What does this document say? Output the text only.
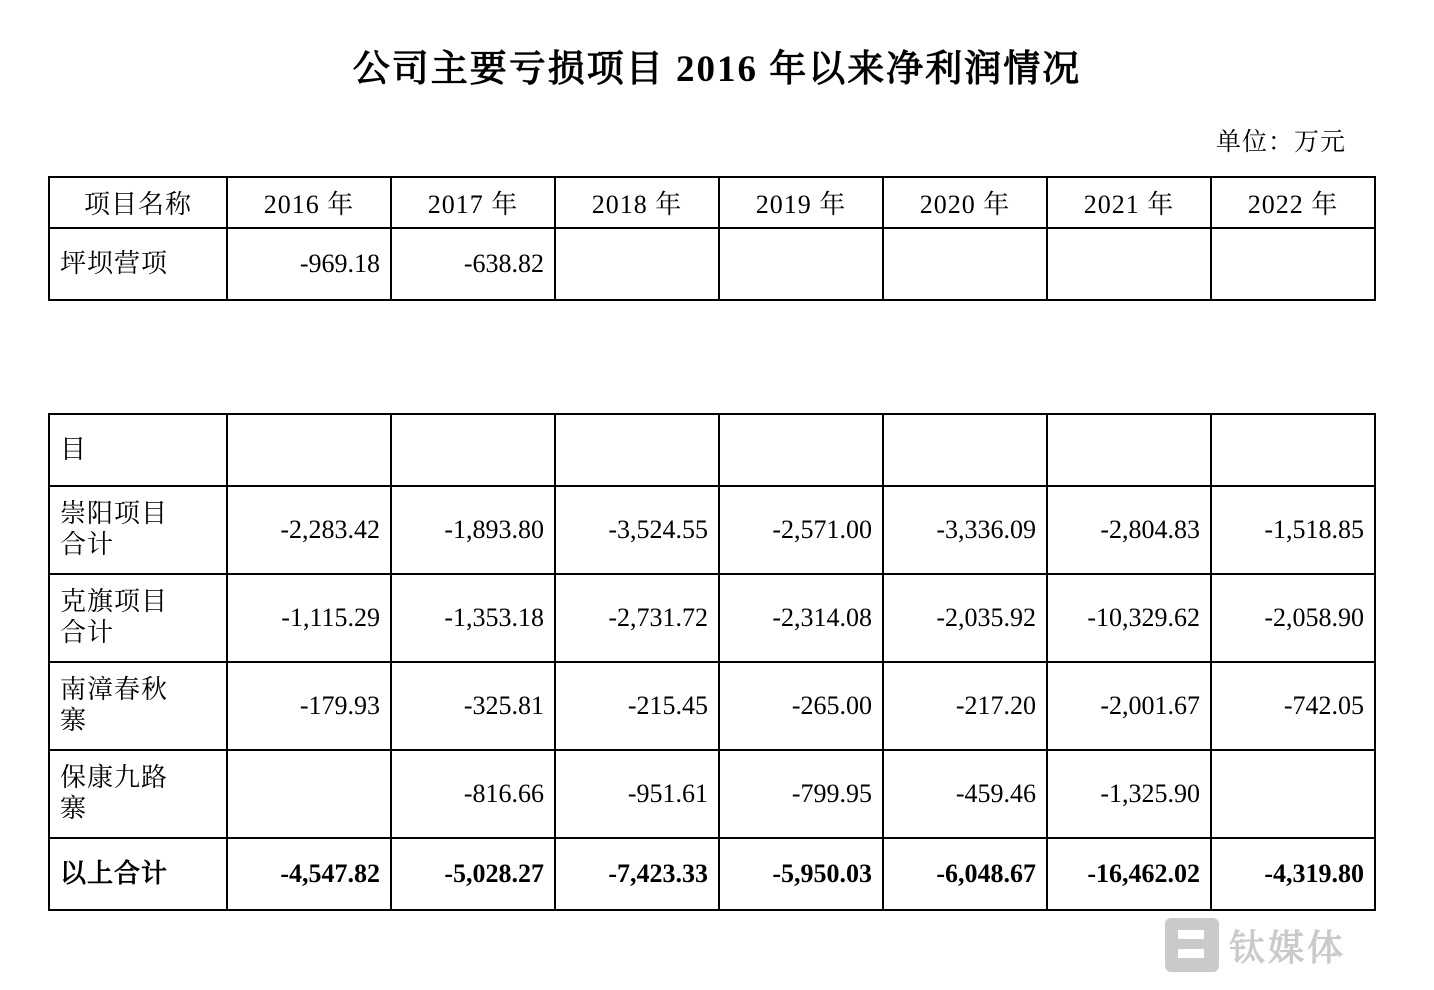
公司主要亏损项目 2016 年以来净利润情况
单位：万元
项目名称	2016 年	2017 年	2018 年	2019 年	2020 年	2021 年	2022 年
坪坝营项	-969.18	-638.82					
目							
崇阳项目
合计	-2,283.42	-1,893.80	-3,524.55	-2,571.00	-3,336.09	-2,804.83	-1,518.85
克旗项目
合计	-1,115.29	-1,353.18	-2,731.72	-2,314.08	-2,035.92	-10,329.62	-2,058.90
南漳春秋
寨	-179.93	-325.81	-215.45	-265.00	-217.20	-2,001.67	-742.05
保康九路
寨		-816.66	-951.61	-799.95	-459.46	-1,325.90	
以上合计	-4,547.82	-5,028.27	-7,423.33	-5,950.03	-6,048.67	-16,462.02	-4,319.80
钛媒体
